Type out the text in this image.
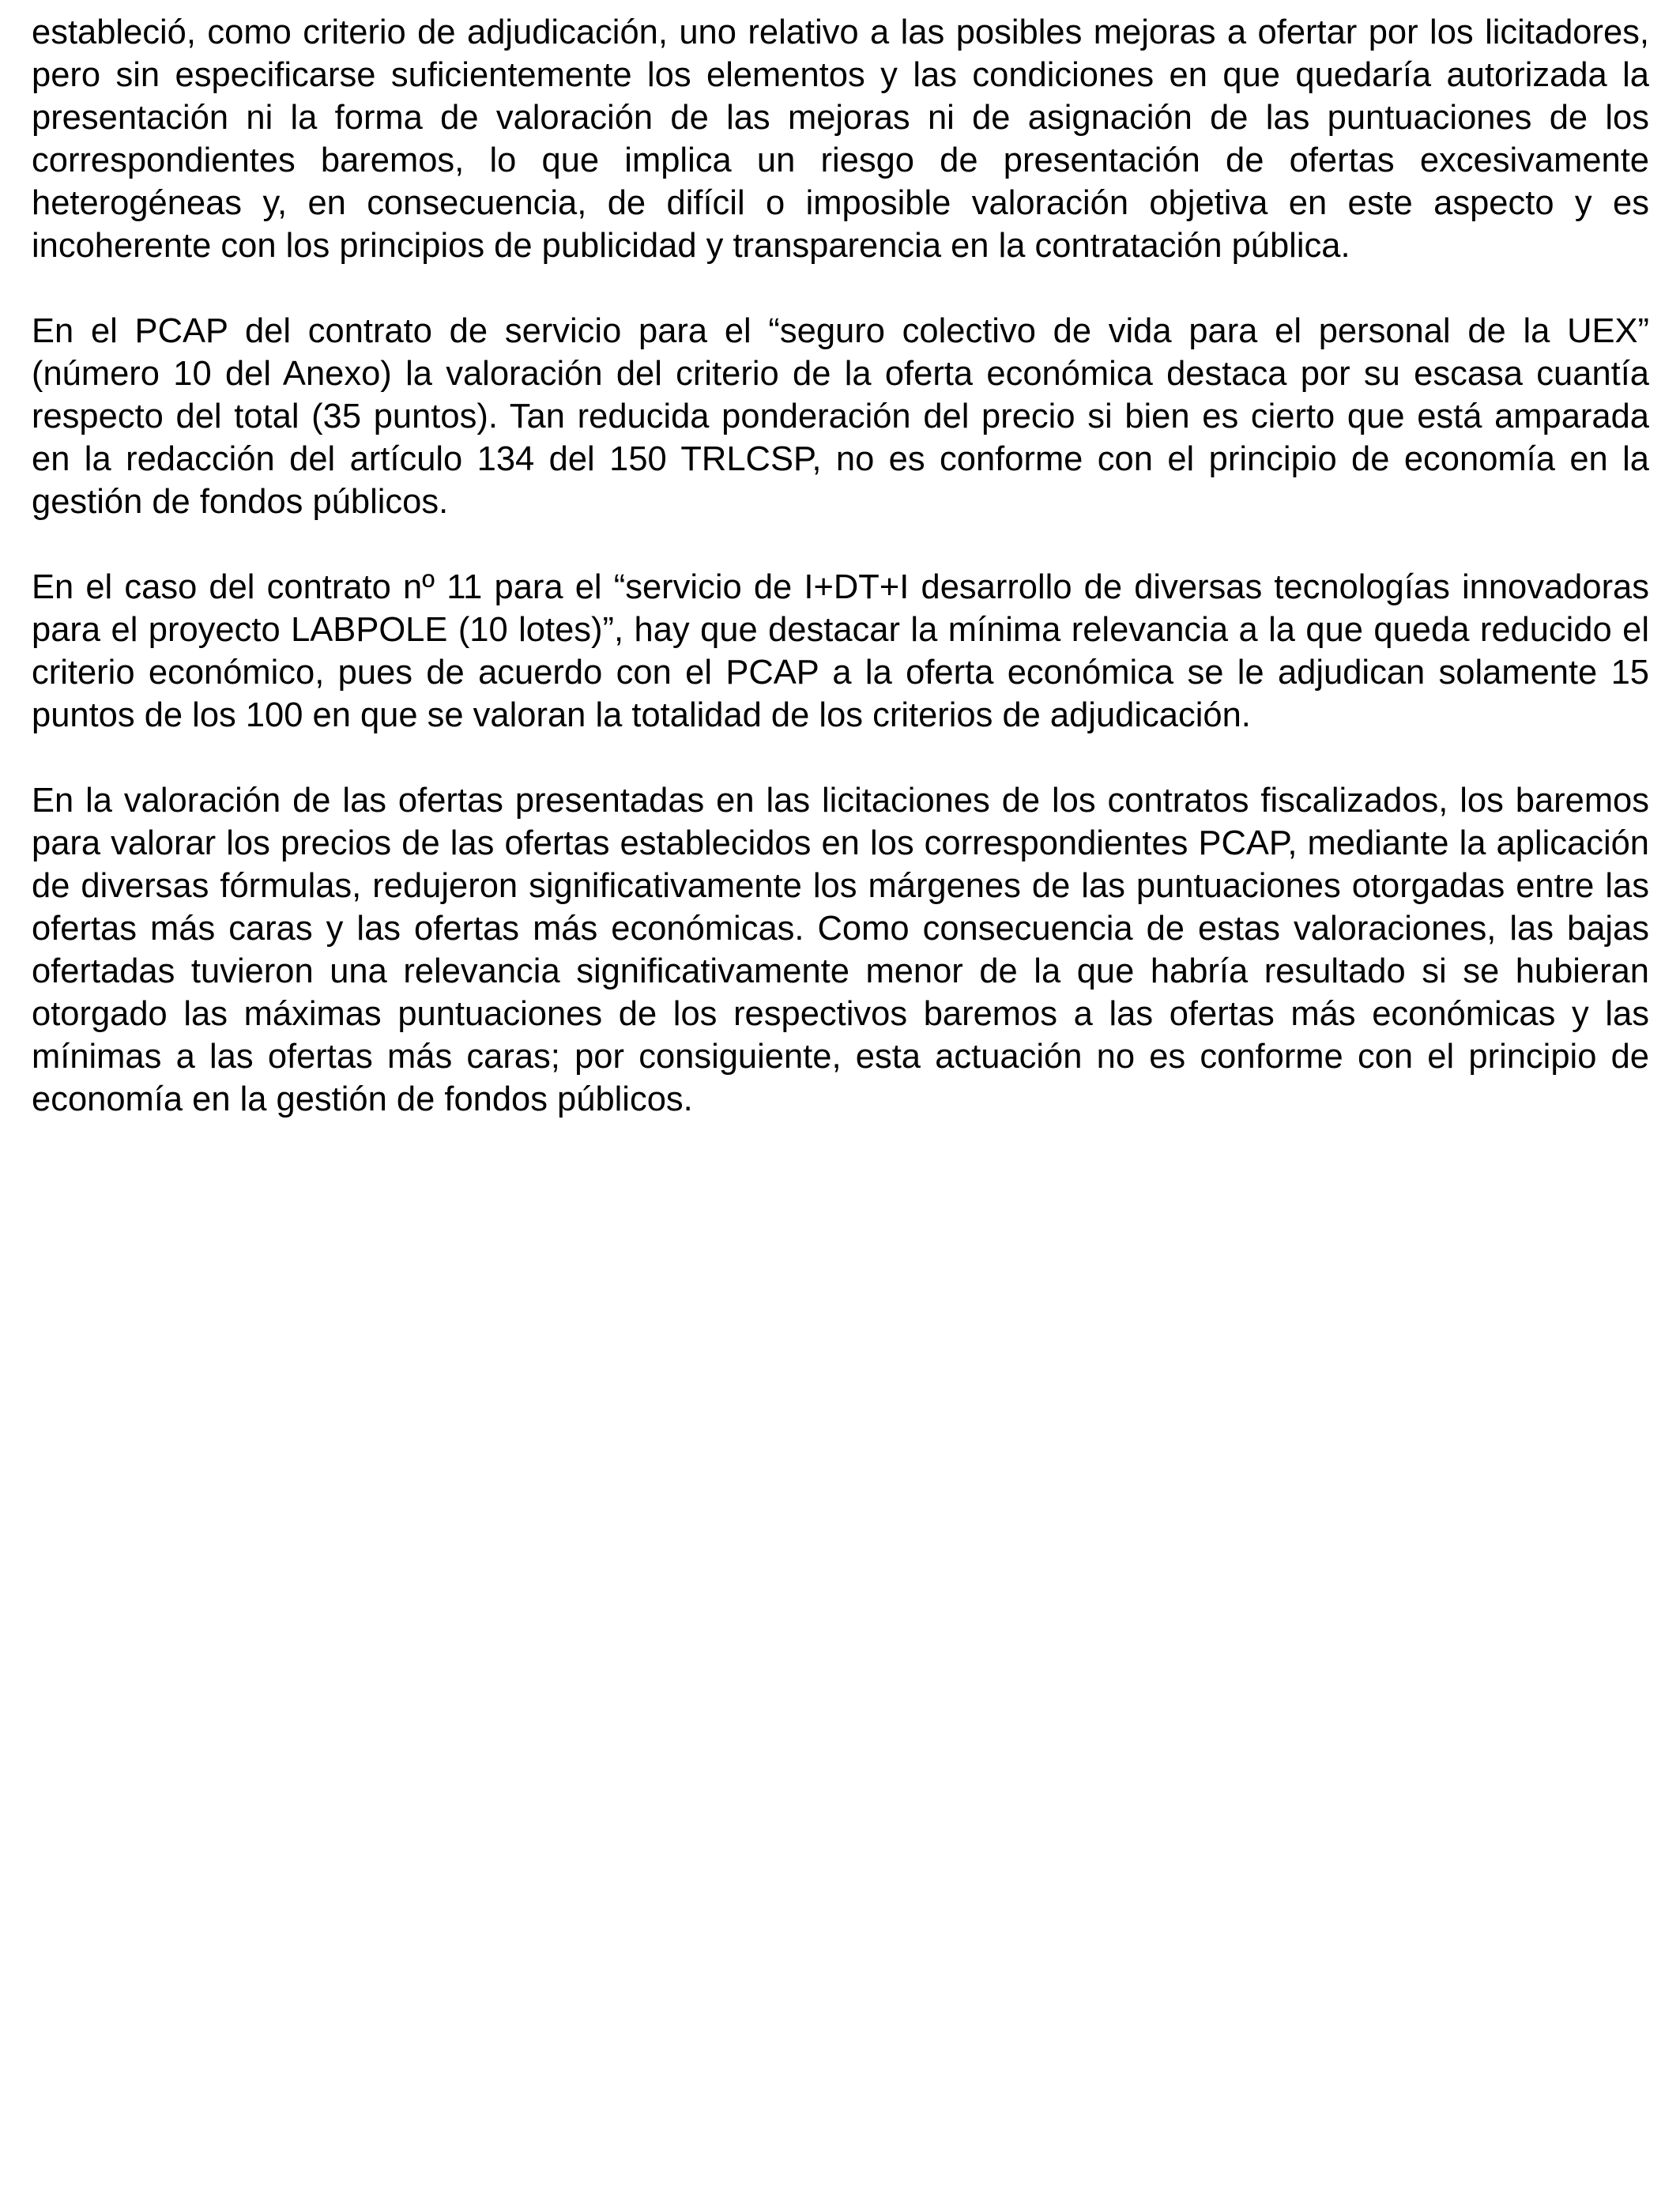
estableció, como criterio de adjudicación, uno relativo a las posibles mejoras a ofertar por los licitadores, pero sin especificarse suficientemente los elementos y las condiciones en que quedaría autorizada la presentación ni la forma de valoración de las mejoras ni de asignación de las puntuaciones de los correspondientes baremos, lo que implica un riesgo de presentación de ofertas excesivamente heterogéneas y, en consecuencia, de difícil o imposible valoración objetiva en este aspecto y es incoherente con los principios de publicidad y transparencia en la contratación pública.

En el PCAP del contrato de servicio para el “seguro colectivo de vida para el personal de la UEX” (número 10 del Anexo) la valoración del criterio de la oferta económica destaca por su escasa cuantía respecto del total (35 puntos). Tan reducida ponderación del precio si bien es cierto que está amparada en la redacción del artículo 134 del 150 TRLCSP, no es conforme con el principio de economía en la gestión de fondos públicos.

En el caso del contrato nº 11 para el “servicio de I+DT+I desarrollo de diversas tecnologías innovadoras para el proyecto LABPOLE (10 lotes)”, hay que destacar la mínima relevancia a la que queda reducido el criterio económico, pues de acuerdo con el PCAP a la oferta económica se le adjudican solamente 15 puntos de los 100 en que se valoran la totalidad de los criterios de adjudicación.

En la valoración de las ofertas presentadas en las licitaciones de los contratos fiscalizados, los baremos para valorar los precios de las ofertas establecidos en los correspondientes PCAP, mediante la aplicación de diversas fórmulas, redujeron significativamente los márgenes de las puntuaciones otorgadas entre las ofertas más caras y las ofertas más económicas. Como consecuencia de estas valoraciones, las bajas ofertadas tuvieron una relevancia significativamente menor de la que habría resultado si se hubieran otorgado las máximas puntuaciones de los respectivos baremos a las ofertas más económicas y las mínimas a las ofertas más caras; por consiguiente, esta actuación no es conforme con el principio de economía en la gestión de fondos públicos.
